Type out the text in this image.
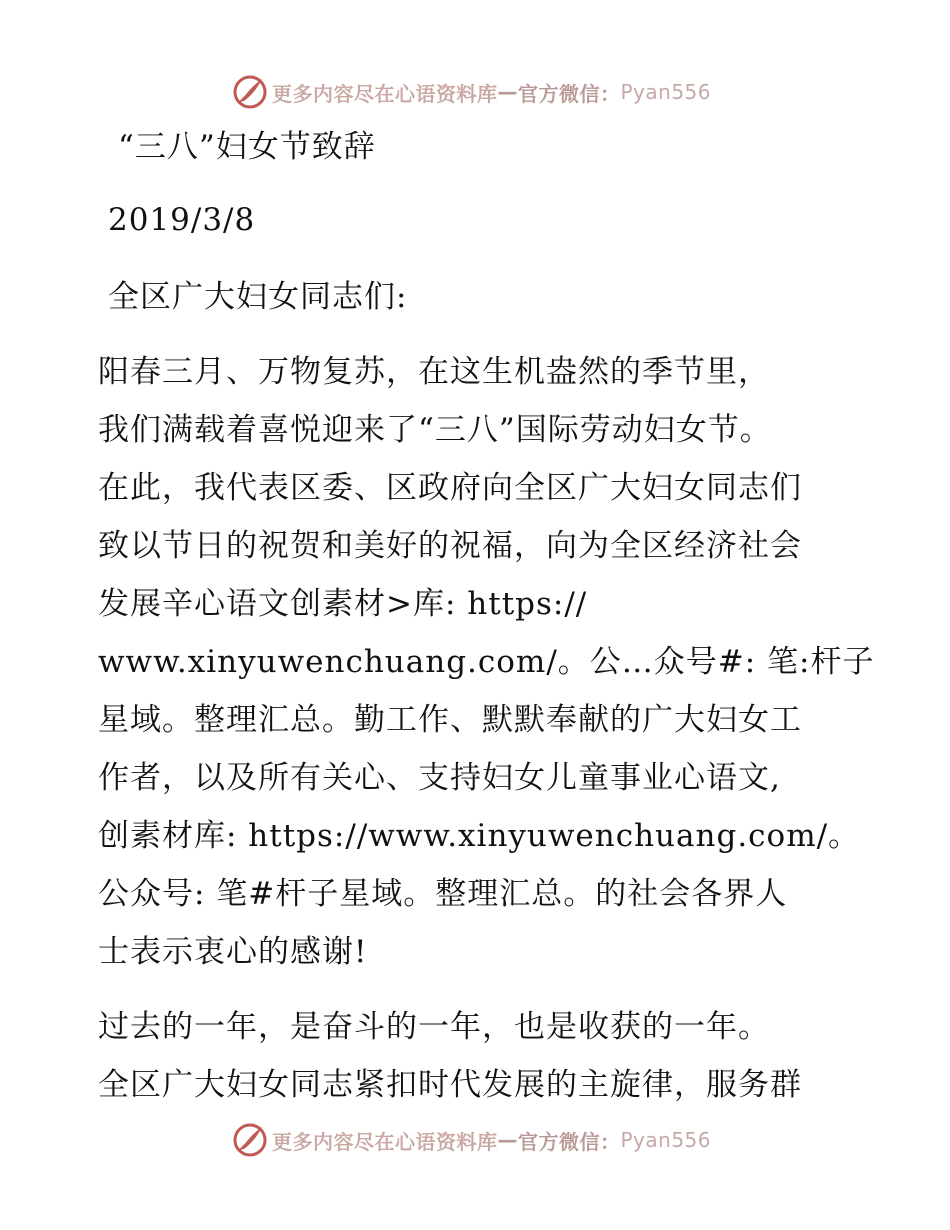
更多内容尽在心语资料库 — 官方微信： Pyan556
“三八”妇女节致辞
2019/3/8
全区广大妇女同志们:
阳春三月、万物复苏，在这生机盎然的季节里，
我们满载着喜悦迎来了“三八”国际劳动妇女节。
在此，我代表区委、区政府向全区广大妇女同志们
致以节日的祝贺和美好的祝福，向为全区经济社会
发展辛心语文创素材>库: https://
www.xinyuwenchuang.com/。公…众号#: 笔:杆子
星域。整理汇总。勤工作、默默奉献的广大妇女工
作者，以及所有关心、支持妇女儿童事业心语文,
创素材库: https://www.xinyuwenchuang.com/。
公众号: 笔#杆子星域。整理汇总。的社会各界人
士表示衷心的感谢!
过去的一年，是奋斗的一年，也是收获的一年。
全区广大妇女同志紧扣时代发展的主旋律，服务群
更多内容尽在心语资料库 — 官方微信： Pyan556
